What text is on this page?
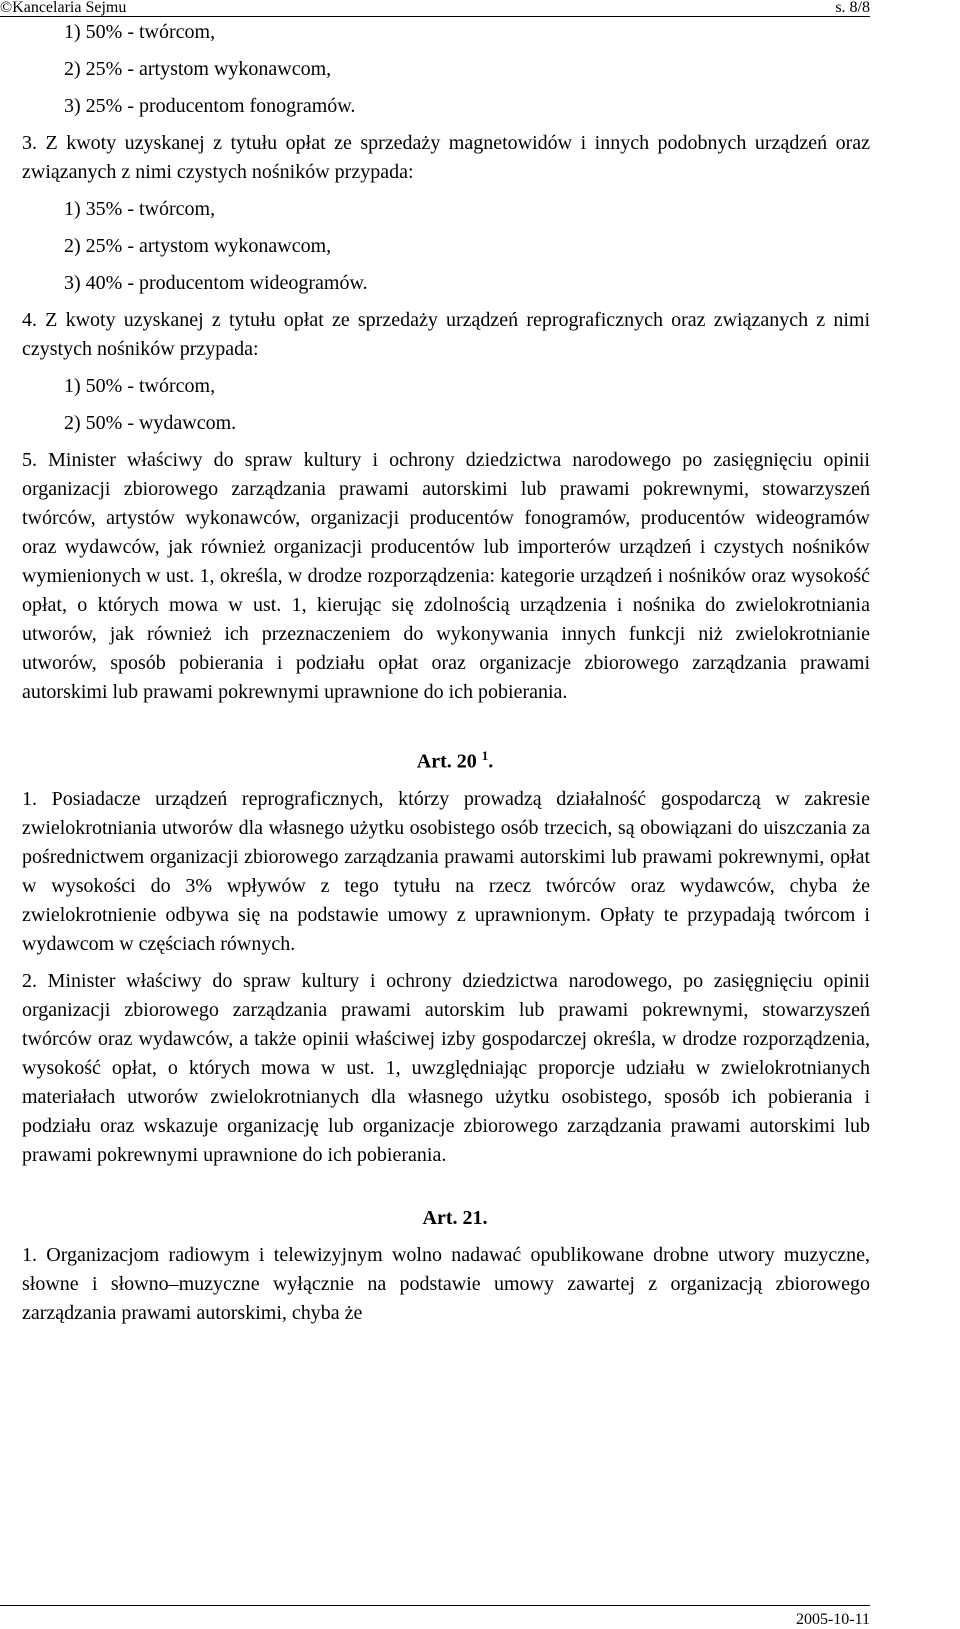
©Kancelaria Sejmu	s. 8/8

1) 50% - twórcom,

2) 25% - artystom wykonawcom,

3) 25% - producentom fonogramów.

3. Z kwoty uzyskanej z tytułu opłat ze sprzedaży magnetowidów i innych podobnych urządzeń oraz związanych z nimi czystych nośników przypada:

1) 35% - twórcom,

2) 25% - artystom wykonawcom,

3) 40% - producentom wideogramów.

4. Z kwoty uzyskanej z tytułu opłat ze sprzedaży urządzeń reprograficznych oraz związanych z nimi czystych nośników przypada:

1) 50% - twórcom,

2) 50% - wydawcom.

5. Minister właściwy do spraw kultury i ochrony dziedzictwa narodowego po zasięgnięciu opinii organizacji zbiorowego zarządzania prawami autorskimi lub prawami pokrewnymi, stowarzyszeń twórców, artystów wykonawców, organizacji producentów fonogramów, producentów wideogramów oraz wydawców, jak również organizacji producentów lub importerów urządzeń i czystych nośników wymienionych w ust. 1, określa, w drodze rozporządzenia: kategorie urządzeń i nośników oraz wysokość opłat, o których mowa w ust. 1, kierując się zdolnością urządzenia i nośnika do zwielokrotniania utworów, jak również ich przeznaczeniem do wykonywania innych funkcji niż zwielokrotnianie utworów, sposób pobierania i podziału opłat oraz organizacje zbiorowego zarządzania prawami autorskimi lub prawami pokrewnymi uprawnione do ich pobierania.

Art. 20 $^1$.

1. Posiadacze urządzeń reprograficznych, którzy prowadzą działalność gospodarczą w zakresie zwielokrotniania utworów dla własnego użytku osobistego osób trzecich, są obowiązani do uiszczania za pośrednictwem organizacji zbiorowego zarządzania prawami autorskimi lub prawami pokrewnymi, opłat w wysokości do 3% wpływów z tego tytułu na rzecz twórców oraz wydawców, chyba że zwielokrotnienie odbywa się na podstawie umowy z uprawnionym. Opłaty te przypadają twórcom i wydawcom w częściach równych.

2. Minister właściwy do spraw kultury i ochrony dziedzictwa narodowego, po zasięgnięciu opinii organizacji zbiorowego zarządzania prawami autorskim lub prawami pokrewnymi, stowarzyszeń twórców oraz wydawców, a także opinii właściwej izby gospodarczej określa, w drodze rozporządzenia, wysokość opłat, o których mowa w ust. 1, uwzględniając proporcje udziału w zwielokrotnianych materiałach utworów zwielokrotnianych dla własnego użytku osobistego, sposób ich pobierania i podziału oraz wskazuje organizację lub organizacje zbiorowego zarządzania prawami autorskimi lub prawami pokrewnymi uprawnione do ich pobierania.

Art. 21.

1. Organizacjom radiowym i telewizyjnym wolno nadawać opublikowane drobne utwory muzyczne, słowne i słowno–muzyczne wyłącznie na podstawie umowy zawartej z organizacją zbiorowego zarządzania prawami autorskimi, chyba że

2005-10-11
